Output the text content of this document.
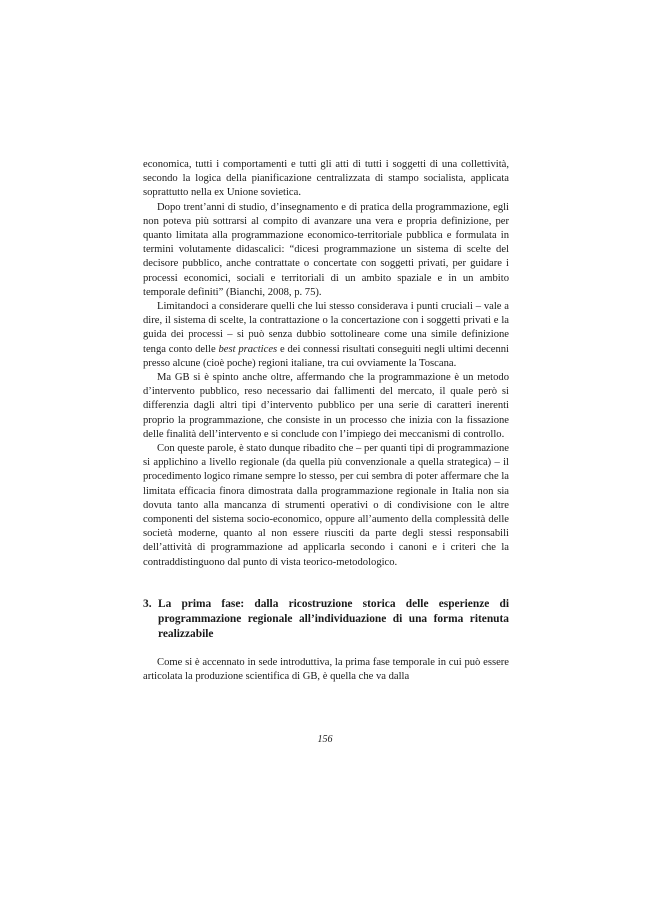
economica, tutti i comportamenti e tutti gli atti di tutti i soggetti di una collettività, secondo la logica della pianificazione centralizzata di stampo socialista, applicata soprattutto nella ex Unione sovietica.

Dopo trent’anni di studio, d’insegnamento e di pratica della programmazione, egli non poteva più sottrarsi al compito di avanzare una vera e propria definizione, per quanto limitata alla programmazione economico-territoriale pubblica e formulata in termini volutamente didascalici: “dicesi programmazione un sistema di scelte del decisore pubblico, anche contrattate o concertate con soggetti privati, per guidare i processi economici, sociali e territoriali di un ambito spaziale e in un ambito temporale definiti” (Bianchi, 2008, p. 75).

Limitandoci a considerare quelli che lui stesso considerava i punti cruciali – vale a dire, il sistema di scelte, la contrattazione o la concertazione con i soggetti privati e la guida dei processi – si può senza dubbio sottolineare come una simile definizione tenga conto delle best practices e dei connessi risultati conseguiti negli ultimi decenni presso alcune (cioè poche) regioni italiane, tra cui ovviamente la Toscana.

Ma GB si è spinto anche oltre, affermando che la programmazione è un metodo d’intervento pubblico, reso necessario dai fallimenti del mercato, il quale però si differenzia dagli altri tipi d’intervento pubblico per una serie di caratteri inerenti proprio la programmazione, che consiste in un processo che inizia con la fissazione delle finalità dell’intervento e si conclude con l’impiego dei meccanismi di controllo.

Con queste parole, è stato dunque ribadito che – per quanti tipi di programmazione si applichino a livello regionale (da quella più convenzionale a quella strategica) – il procedimento logico rimane sempre lo stesso, per cui sembra di poter affermare che la limitata efficacia finora dimostrata dalla programmazione regionale in Italia non sia dovuta tanto alla mancanza di strumenti operativi o di condivisione con le altre componenti del sistema socio-economico, oppure all’aumento della complessità delle società moderne, quanto al non essere riusciti da parte degli stessi responsabili dell’attività di programmazione ad applicarla secondo i canoni e i criteri che la contraddistinguono dal punto di vista teorico-metodologico.

3. La prima fase: dalla ricostruzione storica delle esperienze di programmazione regionale all’individuazione di una forma ritenuta realizzabile

Come si è accennato in sede introduttiva, la prima fase temporale in cui può essere articolata la produzione scientifica di GB, è quella che va dalla

156
